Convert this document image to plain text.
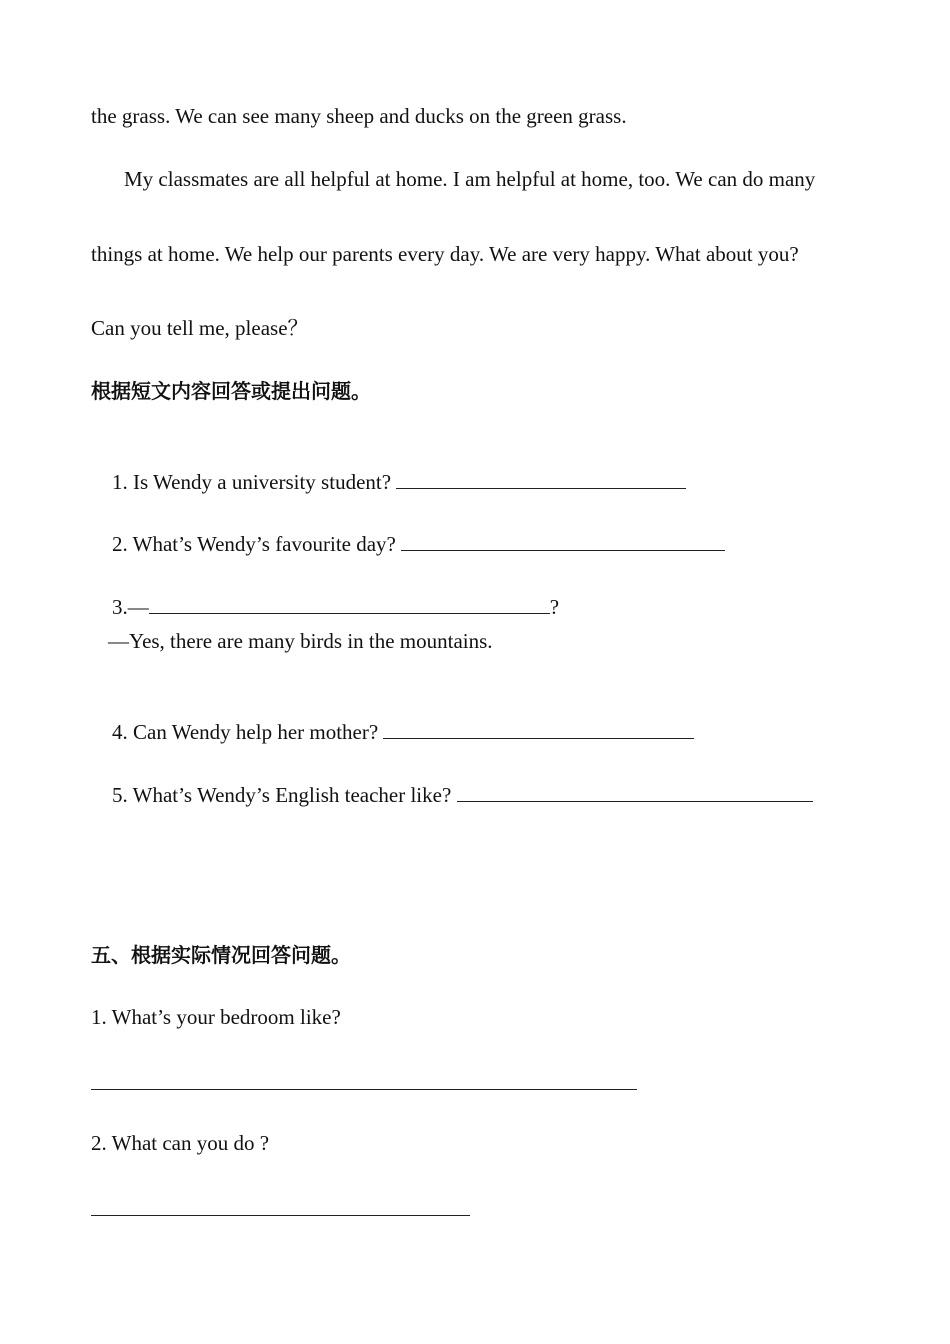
the grass. We can see many sheep and ducks on the green grass.
My classmates are all helpful at home. I am helpful at home, too. We can do many
things at home. We help our parents every day. We are very happy. What about you?
Can you tell me, please？
根据短文内容回答或提出问题。

1. Is Wendy a university student?

2. What’s Wendy’s favourite day?

3.—	?

—Yes, there are many birds in the mountains.

4. Can Wendy help her mother?

5. What’s Wendy’s English teacher like?

五、根据实际情况回答问题。
1. What’s your bedroom like?
2. What can you do ?
